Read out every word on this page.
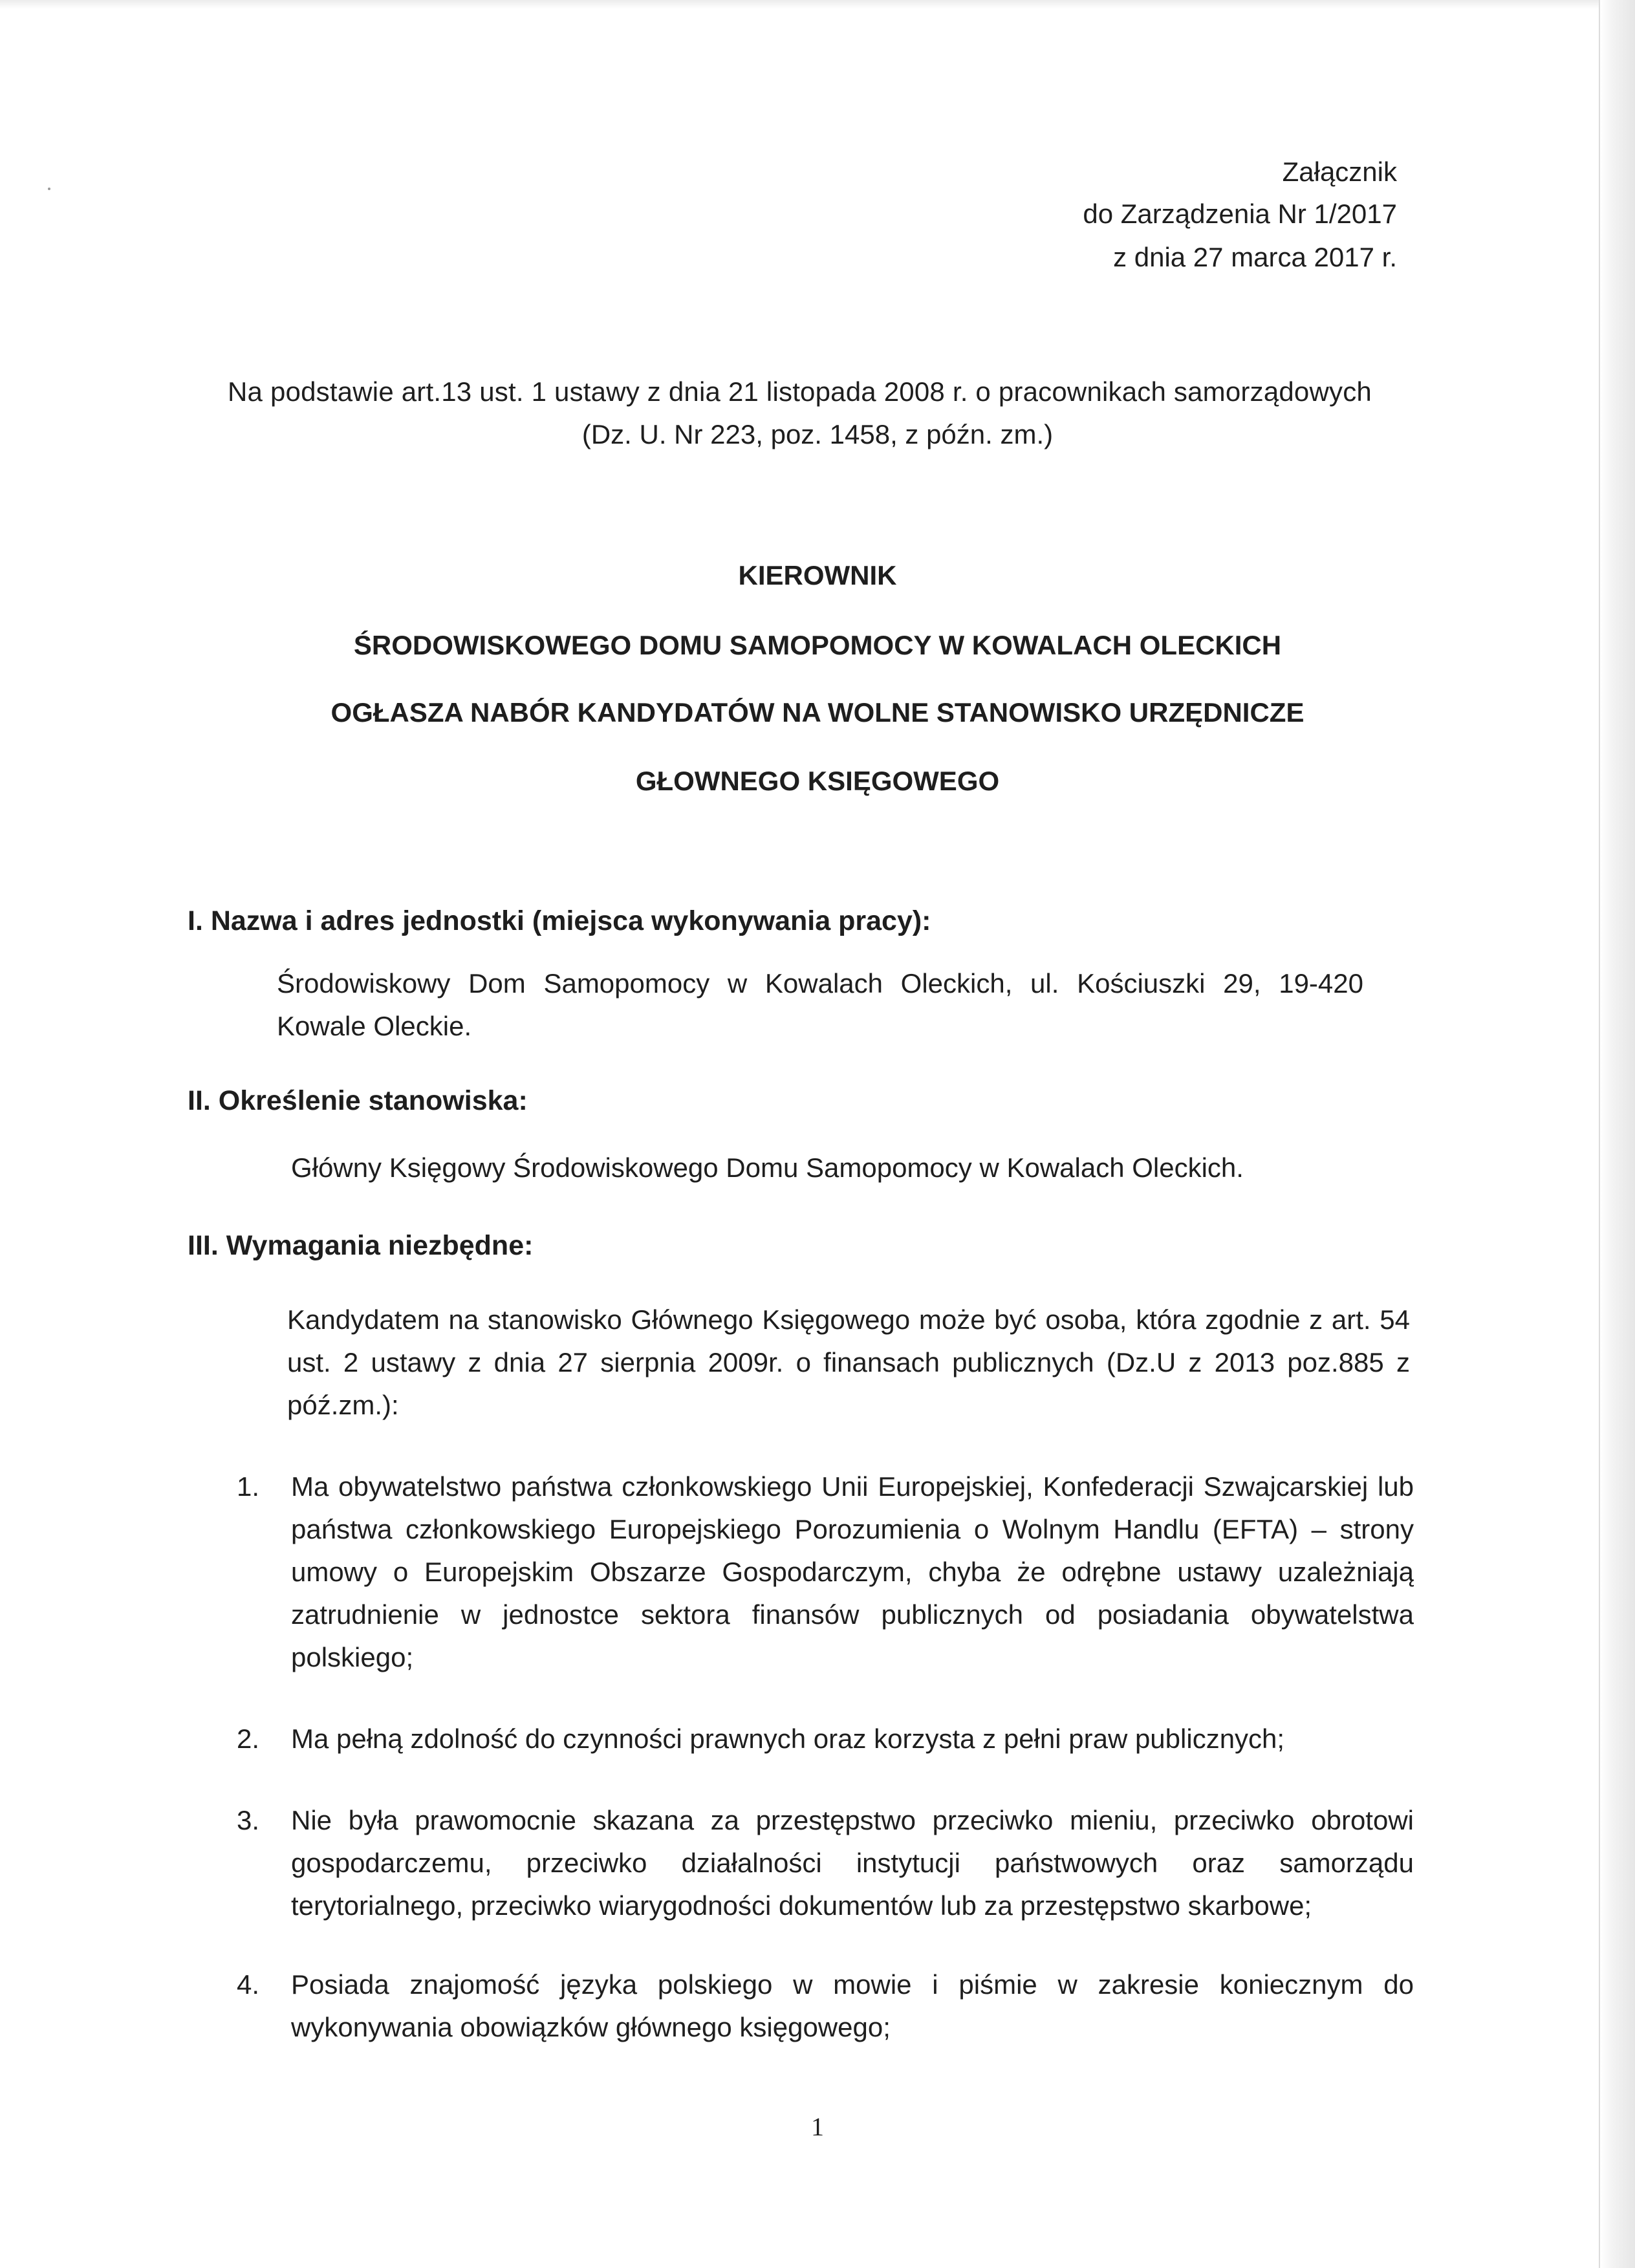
Załącznik
do Zarządzenia Nr 1/2017
z dnia 27 marca 2017 r.
Na podstawie art.13 ust. 1 ustawy z dnia 21 listopada 2008 r. o pracownikach samorządowych
(Dz. U. Nr 223, poz. 1458, z późn. zm.)
KIEROWNIK
ŚRODOWISKOWEGO DOMU SAMOPOMOCY W KOWALACH OLECKICH
OGŁASZA NABÓR KANDYDATÓW NA WOLNE STANOWISKO URZĘDNICZE
GŁOWNEGO KSIĘGOWEGO
I. Nazwa i adres jednostki (miejsca wykonywania pracy):
Środowiskowy Dom Samopomocy w Kowalach Oleckich, ul. Kościuszki 29, 19-420 Kowale Oleckie.
II. Określenie stanowiska:
Główny Księgowy Środowiskowego Domu Samopomocy w Kowalach Oleckich.
III. Wymagania niezbędne:
Kandydatem na stanowisko Głównego Księgowego może być osoba, która zgodnie z art. 54 ust. 2 ustawy z dnia 27 sierpnia 2009r. o finansach publicznych (Dz.U z 2013 poz.885 z póź.zm.):
1. Ma obywatelstwo państwa członkowskiego Unii Europejskiej, Konfederacji Szwajcarskiej lub państwa członkowskiego Europejskiego Porozumienia o Wolnym Handlu (EFTA) – strony umowy o Europejskim Obszarze Gospodarczym, chyba że odrębne ustawy uzależniają zatrudnienie w jednostce sektora finansów publicznych od posiadania obywatelstwa polskiego;
2. Ma pełną zdolność do czynności prawnych oraz korzysta z pełni praw publicznych;
3. Nie była prawomocnie skazana za przestępstwo przeciwko mieniu, przeciwko obrotowi gospodarczemu, przeciwko działalności instytucji państwowych oraz samorządu terytorialnego, przeciwko wiarygodności dokumentów lub za przestępstwo skarbowe;
4. Posiada znajomość języka polskiego w mowie i piśmie w zakresie koniecznym do wykonywania obowiązków głównego księgowego;
1
